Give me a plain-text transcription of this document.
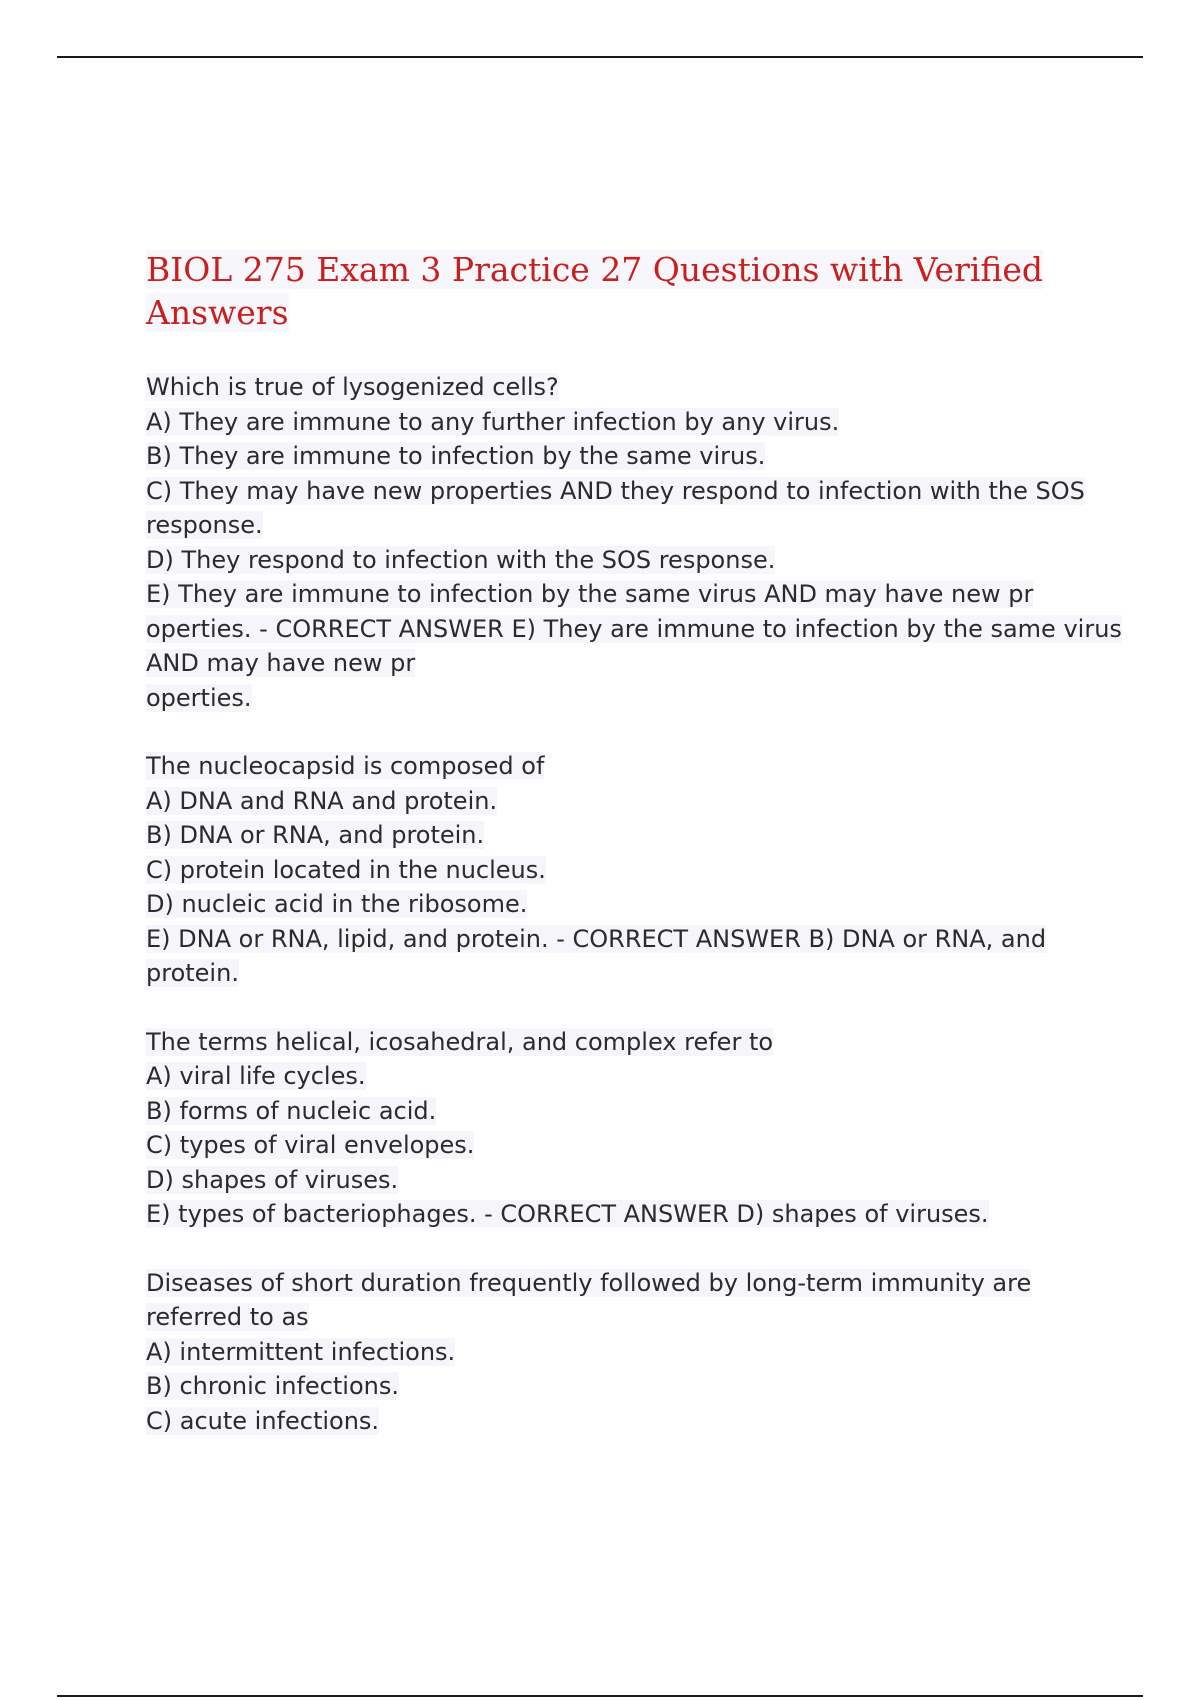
BIOL 275 Exam 3 Practice 27 Questions with Verified
Answers
Which is true of lysogenized cells?
A) They are immune to any further infection by any virus.
B) They are immune to infection by the same virus.
C) They may have new properties AND they respond to infection with the SOS
response.
D) They respond to infection with the SOS response.
E) They are immune to infection by the same virus AND may have new pr
operties. - CORRECT ANSWER E) They are immune to infection by the same virus
AND may have new pr
operties.
The nucleocapsid is composed of
A) DNA and RNA and protein.
B) DNA or RNA, and protein.
C) protein located in the nucleus.
D) nucleic acid in the ribosome.
E) DNA or RNA, lipid, and protein. - CORRECT ANSWER B) DNA or RNA, and
protein.
The terms helical, icosahedral, and complex refer to
A) viral life cycles.
B) forms of nucleic acid.
C) types of viral envelopes.
D) shapes of viruses.
E) types of bacteriophages. - CORRECT ANSWER D) shapes of viruses.
Diseases of short duration frequently followed by long-term immunity are
referred to as
A) intermittent infections.
B) chronic infections.
C) acute infections.
